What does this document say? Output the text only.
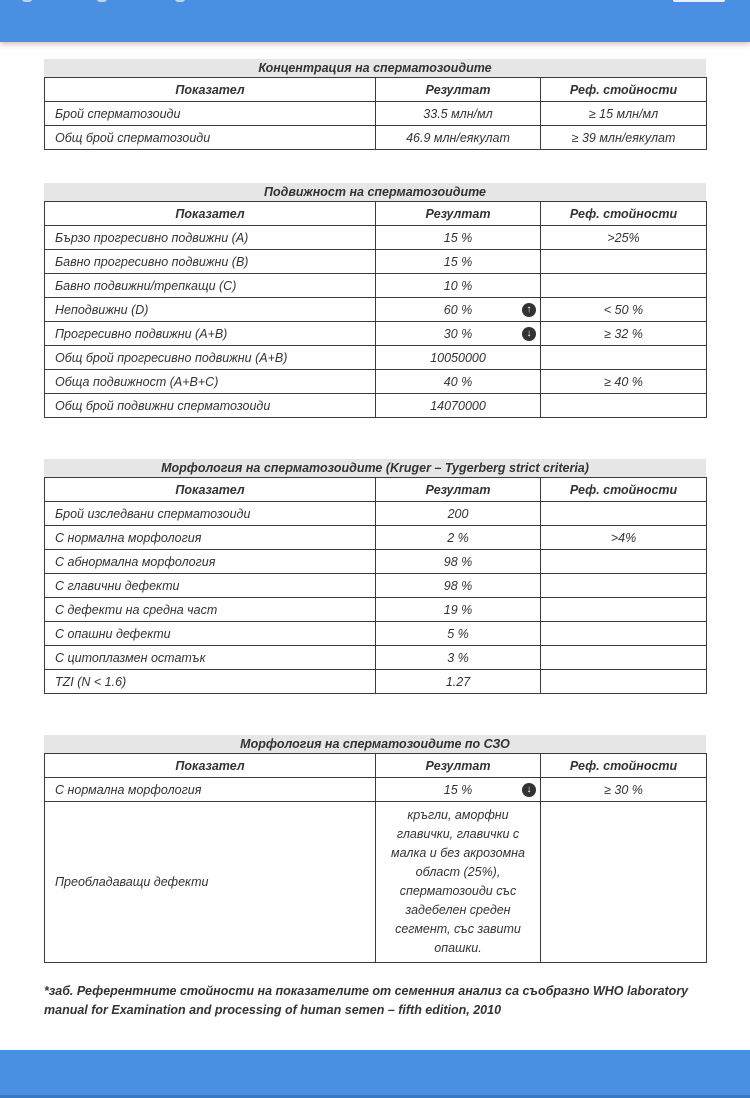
Концентрация на сперматозоидите
Показател	Резултат	Реф. стойности
Брой сперматозоиди	33.5 млн/мл	≥ 15 млн/мл
Общ брой сперматозоиди	46.9 млн/еякулат	≥ 39 млн/еякулат
Подвижност на сперматозоидите
Показател	Резултат	Реф. стойности
Бързо прогресивно подвижни (A)	15 %	>25%
Бавно прогресивно подвижни (B)	15 %	
Бавно подвижни/трепкащи (C)	10 %	
Неподвижни (D)	60 % ↑	< 50 %
Прогресивно подвижни (A+B)	30 % ↓	≥ 32 %
Общ брой прогресивно подвижни (A+B)	10050000	
Обща подвижност (A+B+C)	40 %	≥ 40 %
Общ брой подвижни сперматозоиди	14070000	
Морфология на сперматозоидите (Kruger – Tygerberg strict criteria)
Показател	Резултат	Реф. стойности
Брой изследвани сперматозоиди	200	
С нормална морфология	2 %	>4%
С абнормална морфология	98 %	
С главични дефекти	98 %	
С дефекти на средна част	19 %	
С опашни дефекти	5 %	
С цитоплазмен остатък	3 %	
TZI (N < 1.6)	1.27	
Морфология на сперматозоидите по СЗО
Показател	Резултат	Реф. стойности
С нормална морфология	15 % ↓	≥ 30 %
Преобладаващи дефекти	кръгли, аморфни главички, главички с малка и без акрозомна област (25%), сперматозоиди със задебелен среден сегмент, със завити опашки.	
*заб. Референтните стойности на показателите от семенния анализ са съобразно WHO laboratory manual for Examination and processing of human semen – fifth edition, 2010
